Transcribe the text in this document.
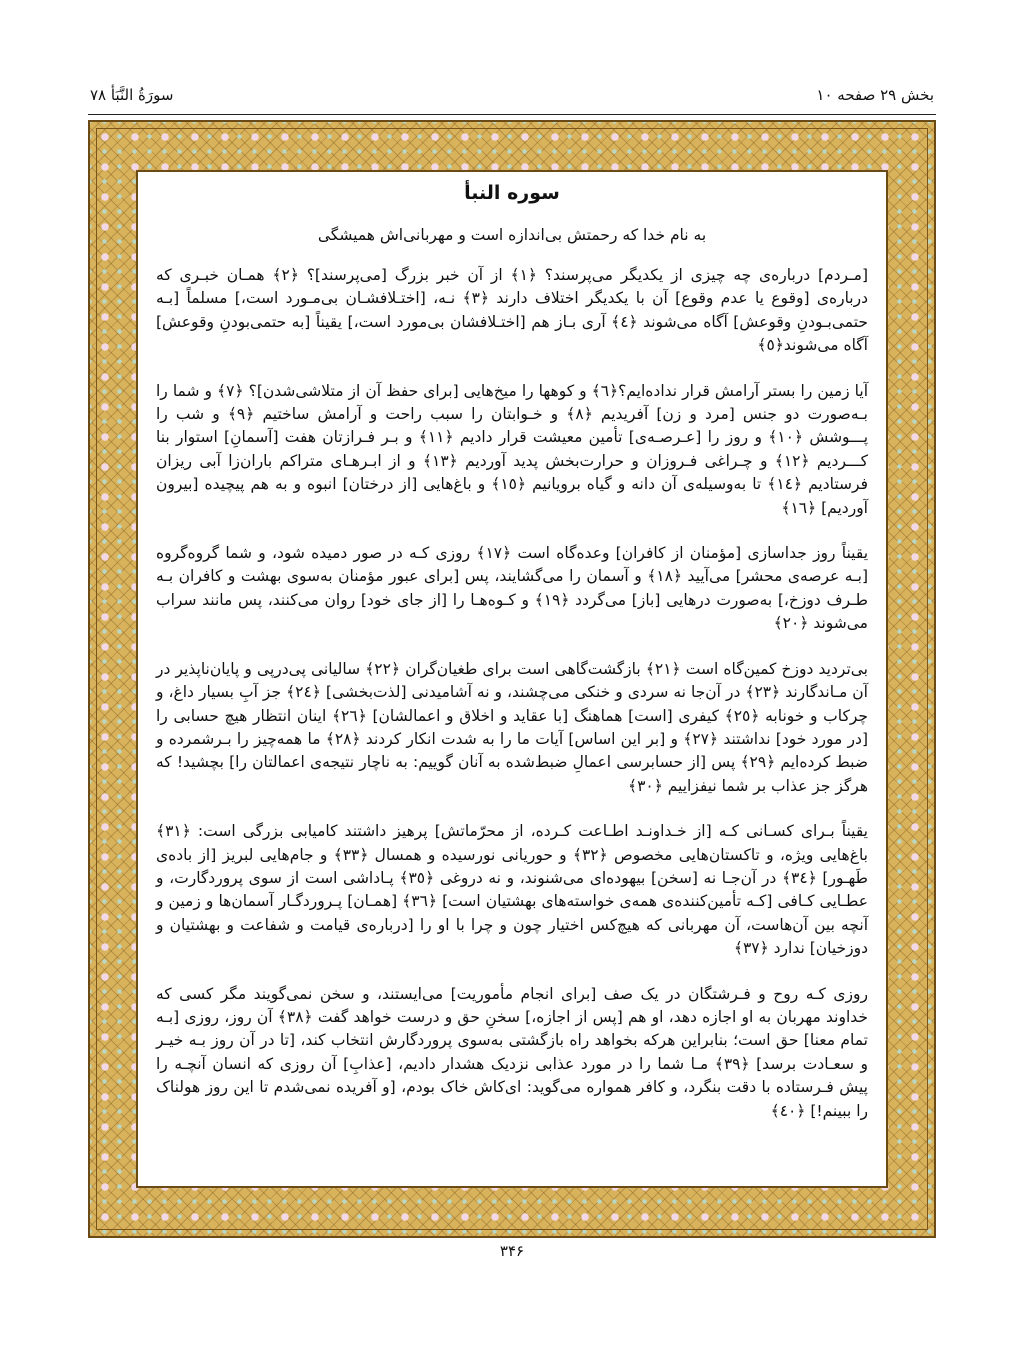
بخش ۲۹ صفحه ۱۰
سورَةُ النَّبَأ ۷۸
سوره النبأ
به نام خدا که رحمتش بی‌اندازه است و مهربانی‌اش همیشگی

[مـردم] درباره‌ی چه چیزی از یکدیگر می‌پرسند؟ ﴿١﴾ از آن خبر بزرگ [می‌پرسند]؟ ﴿٢﴾ همـان خبـری که درباره‌ی [وقوع یا عدم وقوع] آن با یکدیگر اختلاف دارند ﴿٣﴾ نـه، [اختـلافشـان بی‌مـورد است،] مسلماً [بـه حتمی‌بـودنِ وقوعش] آگاه می‌شوند ﴿٤﴾ آری بـاز هم [اختـلافشان بی‌مورد است،] یقیناً [به حتمی‌بودنِ وقوعش] آگاه می‌شوند﴿٥﴾

آیا زمین را بستر آرامش قرار نداده‌ایم؟﴿٦﴾ و کوهها را میخ‌هایی [برای حفظ آن از متلاشی‌شدن]؟ ﴿٧﴾ و شما را بـه‌صورت دو جنس [مرد و زن] آفریدیم ﴿٨﴾ و خـوابتان را سبب راحت و آرامش ساختیم ﴿٩﴾ و شب را پـــوشش ﴿١٠﴾ و روز را [عـرصـه‌ی] تأمین معیشت قرار دادیم ﴿١١﴾ و بـر فـرازتان هفت [آسمانِ] استوار بنا کـــردیم ﴿١٢﴾ و چـراغی فـروزان و حرارت‌بخش پدید آوردیم ﴿١٣﴾ و از ابـرهـای متراکم باران‌زا آبی ریزان فرستادیم ﴿١٤﴾ تا به‌وسیله‌ی آن دانه و گیاه برویانیم ﴿١٥﴾ و باغ‌هایی [از درختان] انبوه و به هم پیچیده [بیرون آوردیم] ﴿١٦﴾

یقیناً روز جداسازی [مؤمنان از کافران] وعده‌گاه است ﴿١٧﴾ روزی کـه در صور دمیده شود، و شما گروه‌گروه [بـه عرصه‌ی محشر] می‌آیید ﴿١٨﴾ و آسمان را می‌گشایند، پس [برای عبور مؤمنان به‌سوی بهشت و کافران بـه طـرف دوزخ،] به‌صورت درهایی [باز] می‌گردد ﴿١٩﴾ و کـوه‌هـا را [از جای خود] روان می‌کنند، پس مانند سراب می‌شوند ﴿٢٠﴾

بی‌تردید دوزخ کمین‌گاه است ﴿٢١﴾ بازگشت‌گاهی است برای طغیان‌گران ﴿٢٢﴾ سالیانی پی‌درپی و پایان‌ناپذیر در آن مـاندگارند ﴿٢٣﴾ در آن‌جا نه سردی و خنکی می‌چشند، و نه آشامیدنی [لذت‌بخشی] ﴿٢٤﴾ جز آبِ بسیار داغ، و چرکاب و خونابه ﴿٢٥﴾ کیفری [است] هماهنگ [با عقاید و اخلاق و اعمالشان] ﴿٢٦﴾ اینان انتظار هیچ حسابی را [در مورد خود] نداشتند ﴿٢٧﴾ و [بر این اساس] آیات ما را به شدت انکار کردند ﴿٢٨﴾ ما همه‌چیز را بـرشمرده و ضبط کرده‌ایم ﴿٢٩﴾ پس [از حسابرسی اعمالِ ضبط‌شده به آنان گوییم: به ناچار نتیجه‌ی اعمالتان را] بچشید! که هرگز جز عذاب بر شما نیفزاییم ﴿٣٠﴾

یقیناً بـرای کسـانی کـه [از خـداونـد اطـاعت کـرده، از محرّماتش] پرهیز داشتند کامیابی بزرگی است: ﴿٣١﴾ باغ‌هایی ویژه، و تاکستان‌هایی مخصوص ﴿٣٢﴾ و حوریانی نورسیده و همسال ﴿٣٣﴾ و جام‌هایی لبریز [از باده‌ی طَهـور] ﴿٣٤﴾ در آن‌جـا نه [سخن] بیهوده‌ای می‌شنوند، و نه دروغی ﴿٣٥﴾ پـاداشی است از سوی پروردگارت، و عطـایی کـافی [کـه تأمین‌کننده‌ی همه‌ی خواسته‌های بهشتیان است] ﴿٣٦﴾ [همـان] پـروردگـار آسمان‌ها و زمین و آنچه بین آن‌هاست، آن مهربانی که هیچ‌کس اختیار چون و چرا با او را [درباره‌ی قیامت و شفاعت و بهشتیان و دوزخیان] ندارد ﴿٣٧﴾

روزی کـه روح و فـرشتگان در یک صف [برای انجام مأموریت] می‌ایستند، و سخن نمی‌گویند مگر کسی که خداوند مهربان به او اجازه دهد، او هم [پس از اجازه،] سخنِ حق و درست خواهد گفت ﴿٣٨﴾ آن روز، روزی [بـه تمام معنا] حق است؛ بنابراین هرکه بخواهد راه بازگشتی به‌سوی پروردگارش انتخاب کند، [تا در آن روز بـه خیـر و سعـادت برسد] ﴿٣٩﴾ مـا شما را در مورد عذابی نزدیک هشدار دادیم، [عذابِ] آن روزی که انسان آنچـه را پیش فـرستاده با دقت بنگرد، و کافر همواره می‌گوید: ای‌کاش خاک بودم، [و آفریده نمی‌شدم تا این روز هولناک را ببینم!] ﴿٤٠﴾

۳۴۶
